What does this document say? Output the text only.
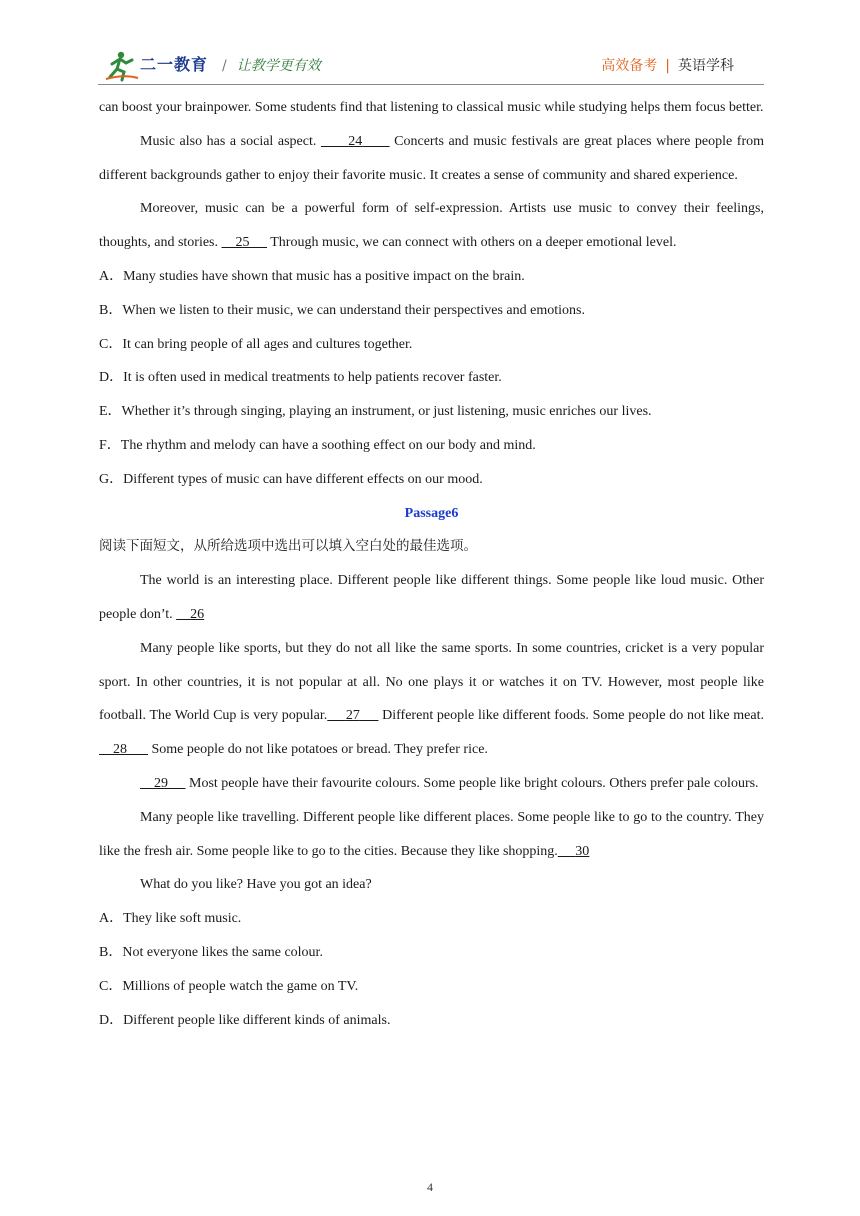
二一教育 / 让教学更有效	高效备考 | 英语学科

can boost your brainpower. Some students find that listening to classical music while studying helps them focus better.

Music also has a social aspect.       24       Concerts and music festivals are great places where people from different backgrounds gather to enjoy their favorite music. It creates a sense of community and shared experience.

Moreover, music can be a powerful form of self-expression. Artists use music to convey their feelings, thoughts, and stories.     25      Through music, we can connect with others on a deeper emotional level.

A．Many studies have shown that music has a positive impact on the brain.

B．When we listen to their music, we can understand their perspectives and emotions.

C．It can bring people of all ages and cultures together.

D．It is often used in medical treatments to help patients recover faster.

E．Whether it’s through singing, playing an instrument, or just listening, music enriches our lives.

F．The rhythm and melody can have a soothing effect on our body and mind.

G．Different types of music can have different effects on our mood.

Passage6

阅读下面短文，从所给选项中选出可以填入空白处的最佳选项。

The world is an interesting place. Different people like different things. Some people like loud music. Other people don’t.     26

Many people like sports, but they do not all like the same sports. In some countries, cricket is a very popular sport. In other countries, it is not popular at all. No one plays it or watches it on TV. However, most people like football. The World Cup is very popular. 27      Different people like different foods. Some people do not like meat.     28       Some people do not like potatoes or bread. They prefer rice.

29      Most people have their favourite colours. Some people like bright colours. Others prefer pale colours.

Many people like travelling. Different people like different places. Some people like to go to the country. They like the fresh air. Some people like to go to the cities. Because they like shopping. 30

What do you like? Have you got an idea?

A．They like soft music.

B．Not everyone likes the same colour.

C．Millions of people watch the game on TV.

D．Different people like different kinds of animals.

4
